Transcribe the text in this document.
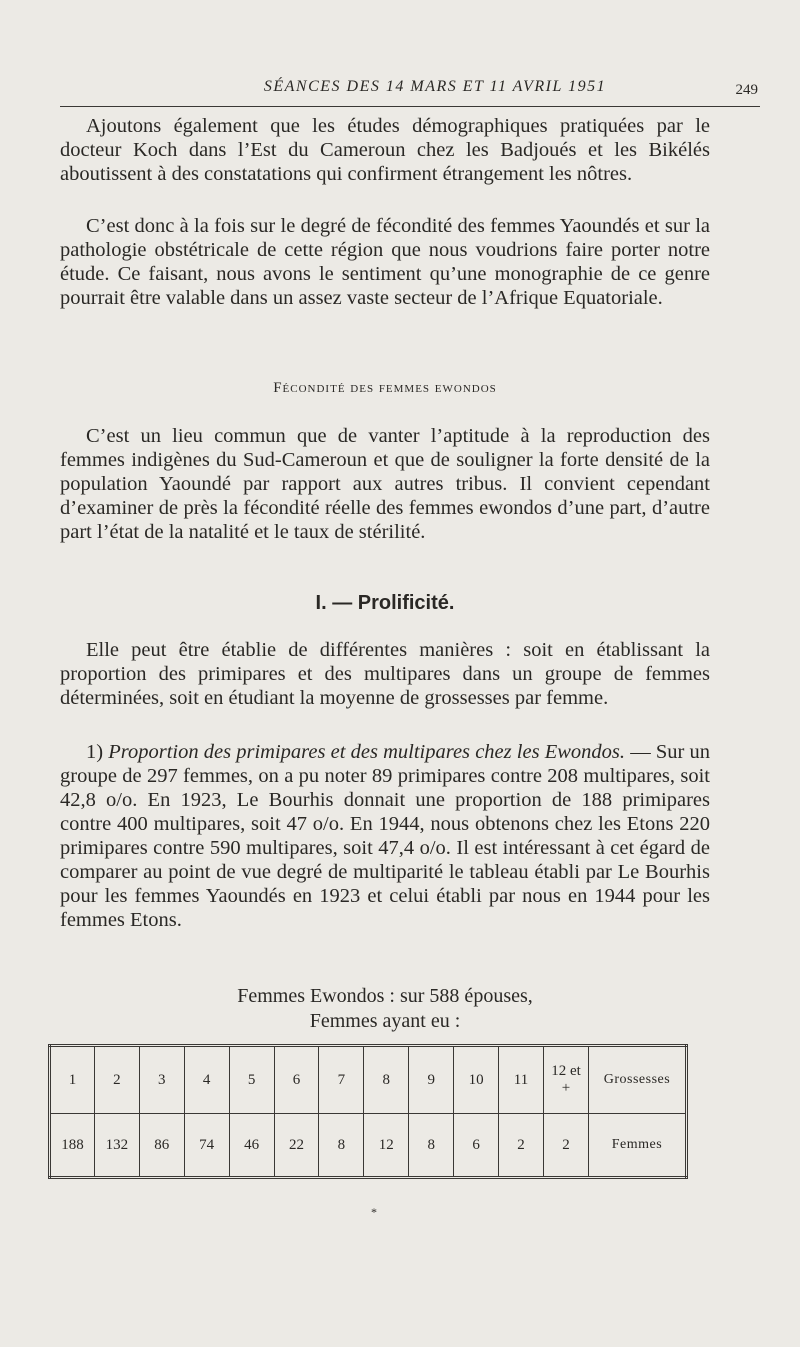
SÉANCES DES 14 MARS ET 11 AVRIL 1951	249

Ajoutons également que les études démographiques pratiquées par le docteur Koch dans l’Est du Cameroun chez les Badjoués et les Bikélés aboutissent à des constatations qui confirment étrangement les nôtres.

C’est donc à la fois sur le degré de fécondité des femmes Yaoundés et sur la pathologie obstétricale de cette région que nous voudrions faire porter notre étude. Ce faisant, nous avons le sentiment qu’une monographie de ce genre pourrait être valable dans un assez vaste secteur de l’Afrique Equatoriale.

Fécondité des femmes ewondos

C’est un lieu commun que de vanter l’aptitude à la reproduction des femmes indigènes du Sud-Cameroun et que de souligner la forte densité de la population Yaoundé par rapport aux autres tribus. Il convient cependant d’examiner de près la fécondité réelle des femmes ewondos d’une part, d’autre part l’état de la natalité et le taux de stérilité.

I. — Prolificité.

Elle peut être établie de différentes manières : soit en établissant la proportion des primipares et des multipares dans un groupe de femmes déterminées, soit en étudiant la moyenne de grossesses par femme.

1) Proportion des primipares et des multipares chez les Ewondos. — Sur un groupe de 297 femmes, on a pu noter 89 primipares contre 208 multipares, soit 42,8 o/o. En 1923, Le Bourhis donnait une proportion de 188 primipares contre 400 multipares, soit 47 o/o. En 1944, nous obtenons chez les Etons 220 primipares contre 590 multipares, soit 47,4 o/o. Il est intéressant à cet égard de comparer au point de vue degré de multiparité le tableau établi par Le Bourhis pour les femmes Yaoundés en 1923 et celui établi par nous en 1944 pour les femmes Etons.

Femmes Ewondos : sur 588 épouses,
Femmes ayant eu :
1	2	3	4	5	6	7	8	9	10	11	12 et +	Grossesses
188	132	86	74	46	22	8	12	8	6	2	2	Femmes
*
